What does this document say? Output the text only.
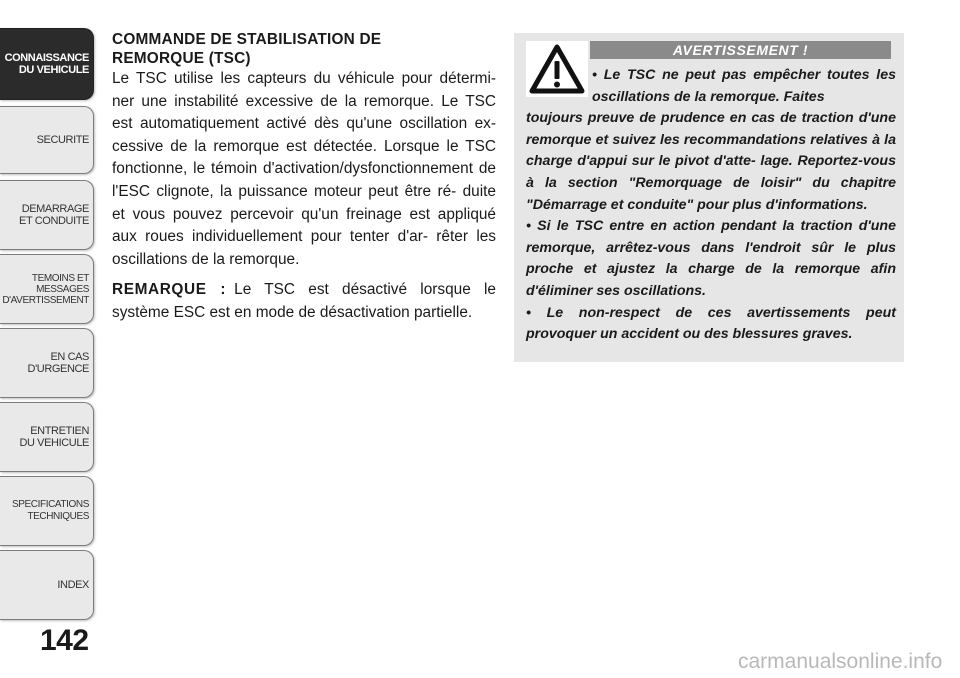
CONNAISSANCE
DU VEHICULE
SECURITE
DEMARRAGE
ET CONDUITE
TEMOINS ET
MESSAGES
D'AVERTISSEMENT
EN CAS
D'URGENCE
ENTRETIEN
DU VEHICULE
SPECIFICATIONS
TECHNIQUES
INDEX
142
COMMANDE DE STABILISATION DE
REMORQUE (TSC)

Le TSC utilise les capteurs du véhicule pour détermi- ner une instabilité excessive de la remorque. Le TSC est automatiquement activé dès qu'une oscillation ex- cessive de la remorque est détectée. Lorsque le TSC fonctionne, le témoin d'activation/dysfonctionnement de l'ESC clignote, la puissance moteur peut être ré- duite et vous pouvez percevoir qu'un freinage est appliqué aux roues individuellement pour tenter d'ar- rêter les oscillations de la remorque.

REMARQUE : Le TSC est désactivé lorsque le système ESC est en mode de désactivation partielle.

AVERTISSEMENT !
• Le TSC ne peut pas empêcher toutes les oscillations de la remorque. Faites
toujours preuve de prudence en cas de traction d'une remorque et suivez les recommandations relatives à la charge d'appui sur le pivot d'atte- lage. Reportez-vous à la section "Remorquage de loisir" du chapitre "Démarrage et conduite" pour plus d'informations.
• Si le TSC entre en action pendant la traction d'une remorque, arrêtez-vous dans l'endroit sûr le plus proche et ajustez la charge de la remorque afin d'éliminer ses oscillations.
• Le non-respect de ces avertissements peut provoquer un accident ou des blessures graves.
carmanualsonline.info
